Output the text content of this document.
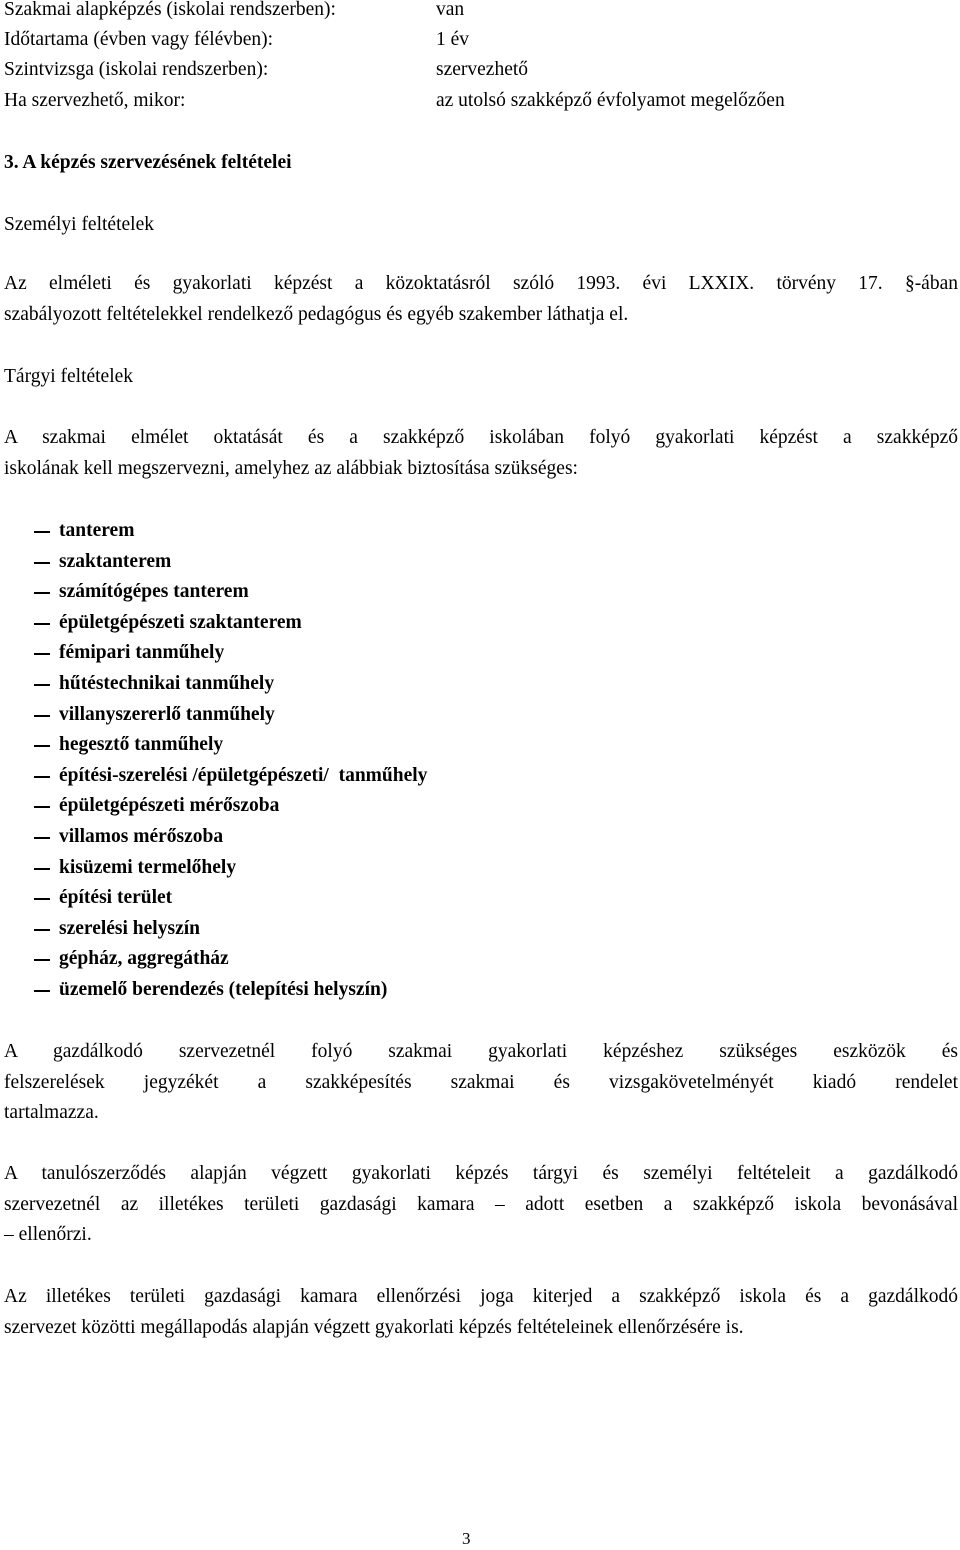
Szakmai alapképzés (iskolai rendszerben):	van
Időtartama (évben vagy félévben):	1 év
Szintvizsga (iskolai rendszerben):	szervezhető
Ha szervezhető, mikor:	az utolsó szakképző évfolyamot megelőzően
3. A képzés szervezésének feltételei
Személyi feltételek
Az elméleti és gyakorlati képzést a közoktatásról szóló 1993. évi LXXIX. törvény 17. §-ában
szabályozott feltételekkel rendelkező pedagógus és egyéb szakember láthatja el.
Tárgyi feltételek
A szakmai elmélet oktatását és a szakképző iskolában folyó gyakorlati képzést a szakképző
iskolának kell megszervezni, amelyhez az alábbiak biztosítása szükséges:
tanterem
szaktanterem
számítógépes tanterem
épületgépészeti szaktanterem
fémipari tanműhely
hűtéstechnikai tanműhely
villanyszererlő tanműhely
hegesztő tanműhely
építési-szerelési /épületgépészeti/  tanműhely
épületgépészeti mérőszoba
villamos mérőszoba
kisüzemi termelőhely
építési terület
szerelési helyszín
gépház, aggregátház
üzemelő berendezés (telepítési helyszín)
A gazdálkodó szervezetnél folyó szakmai gyakorlati képzéshez szükséges eszközök és
felszerelések jegyzékét a szakképesítés szakmai és vizsgakövetelményét kiadó rendelet
tartalmazza.
A tanulószerződés alapján végzett gyakorlati képzés tárgyi és személyi feltételeit a gazdálkodó
szervezetnél az illetékes területi gazdasági kamara – adott esetben a szakképző iskola bevonásával
– ellenőrzi.
Az illetékes területi gazdasági kamara ellenőrzési joga kiterjed a szakképző iskola és a gazdálkodó
szervezet közötti megállapodás alapján végzett gyakorlati képzés feltételeinek ellenőrzésére is.
3
